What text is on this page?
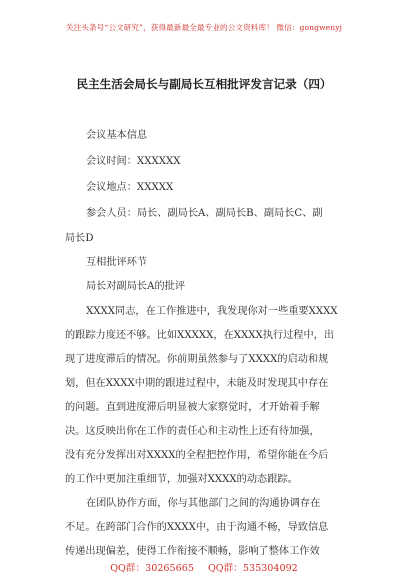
关注头条号“公文研究”，获得最新最全最专业的公文资料库！ 微信：gongwenyj
民主生活会局长与副局长互相批评发言记录（四）
会议基本信息
会议时间：XXXXXX
会议地点：XXXXX
参会人员：局长、副局长A、副局长B、副局长C、副
局长D
互相批评环节
局长对副局长A的批评
XXXX同志，在工作推进中，我发现你对一些重要XXXX
的跟踪力度还不够。比如XXXXX，在XXXX执行过程中，出
现了进度滞后的情况。你前期虽然参与了XXXX的启动和规
划，但在XXXX中期的跟进过程中，未能及时发现其中存在
的问题。直到进度滞后明显被大家察觉时，才开始着手解
决。这反映出你在工作的责任心和主动性上还有待加强，
没有充分发挥出对XXXX的全程把控作用，希望你能在今后
的工作中更加注重细节，加强对XXXX的动态跟踪。
在团队协作方面，你与其他部门之间的沟通协调存在
不足。在跨部门合作的XXXX中，由于沟通不畅，导致信息
传递出现偏差，使得工作衔接不顺畅，影响了整体工作效
QQ群：30265665 QQ群：535304092
